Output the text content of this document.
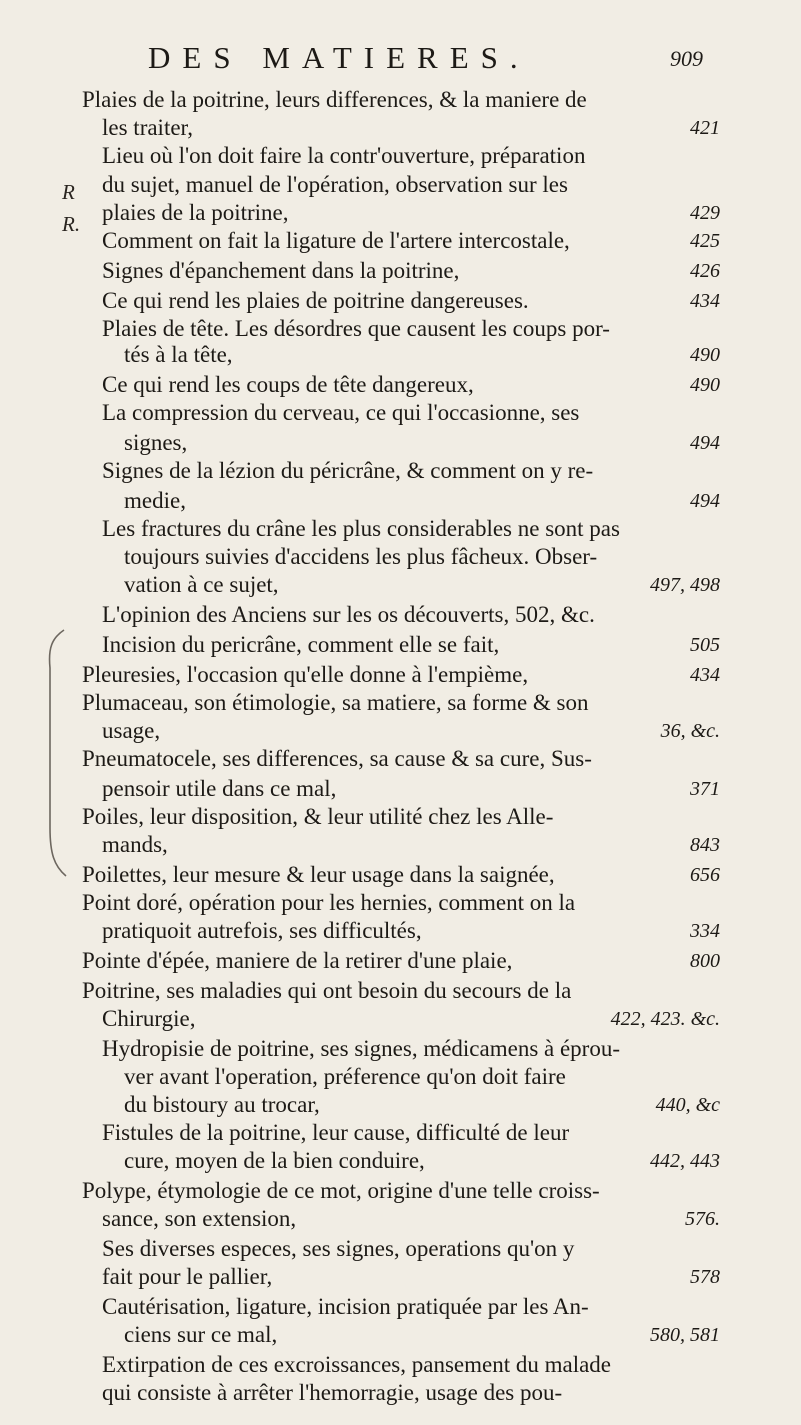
DES MATIERES.	909
R
R.
Plaies de la poitrine, leurs differences, & la maniere de
les traiter,	421
Lieu où l'on doit faire la contr'ouverture, préparation
du sujet, manuel de l'opération, observation sur les
plaies de la poitrine,	429
Comment on fait la ligature de l'artere intercostale,	425
Signes d'épanchement dans la poitrine,	426
Ce qui rend les plaies de poitrine dangereuses.	434
Plaies de tête. Les désordres que causent les coups por-
tés à la tête,	490
Ce qui rend les coups de tête dangereux,	490
La compression du cerveau, ce qui l'occasionne, ses
signes,	494
Signes de la lézion du péricrâne, & comment on y re-
medie,	494
Les fractures du crâne les plus considerables ne sont pas
toujours suivies d'accidens les plus fâcheux. Obser-
vation à ce sujet,	497, 498
L'opinion des Anciens sur les os découverts, 502, &c.
Incision du pericrâne, comment elle se fait,	505
Pleuresies, l'occasion qu'elle donne à l'empième,	434
Plumaceau, son étimologie, sa matiere, sa forme & son
usage,	36, &c.
Pneumatocele, ses differences, sa cause & sa cure, Sus-
pensoir utile dans ce mal,	371
Poiles, leur disposition, & leur utilité chez les Alle-
mands,	843
Poilettes, leur mesure & leur usage dans la saignée,	656
Point doré, opération pour les hernies, comment on la
pratiquoit autrefois, ses difficultés,	334
Pointe d'épée, maniere de la retirer d'une plaie,	800
Poitrine, ses maladies qui ont besoin du secours de la
Chirurgie,	422, 423. &c.
Hydropisie de poitrine, ses signes, médicamens à éprou-
ver avant l'operation, préference qu'on doit faire
du bistoury au trocar,	440, &c
Fistules de la poitrine, leur cause, difficulté de leur
cure, moyen de la bien conduire,	442, 443
Polype, étymologie de ce mot, origine d'une telle croiss-
sance, son extension,	576.
Ses diverses especes, ses signes, operations qu'on y
fait pour le pallier,	578
Cautérisation, ligature, incision pratiquée par les An-
ciens sur ce mal,	580, 581
Extirpation de ces excroissances, pansement du malade
qui consiste à arrêter l'hemorragie, usage des pou-
